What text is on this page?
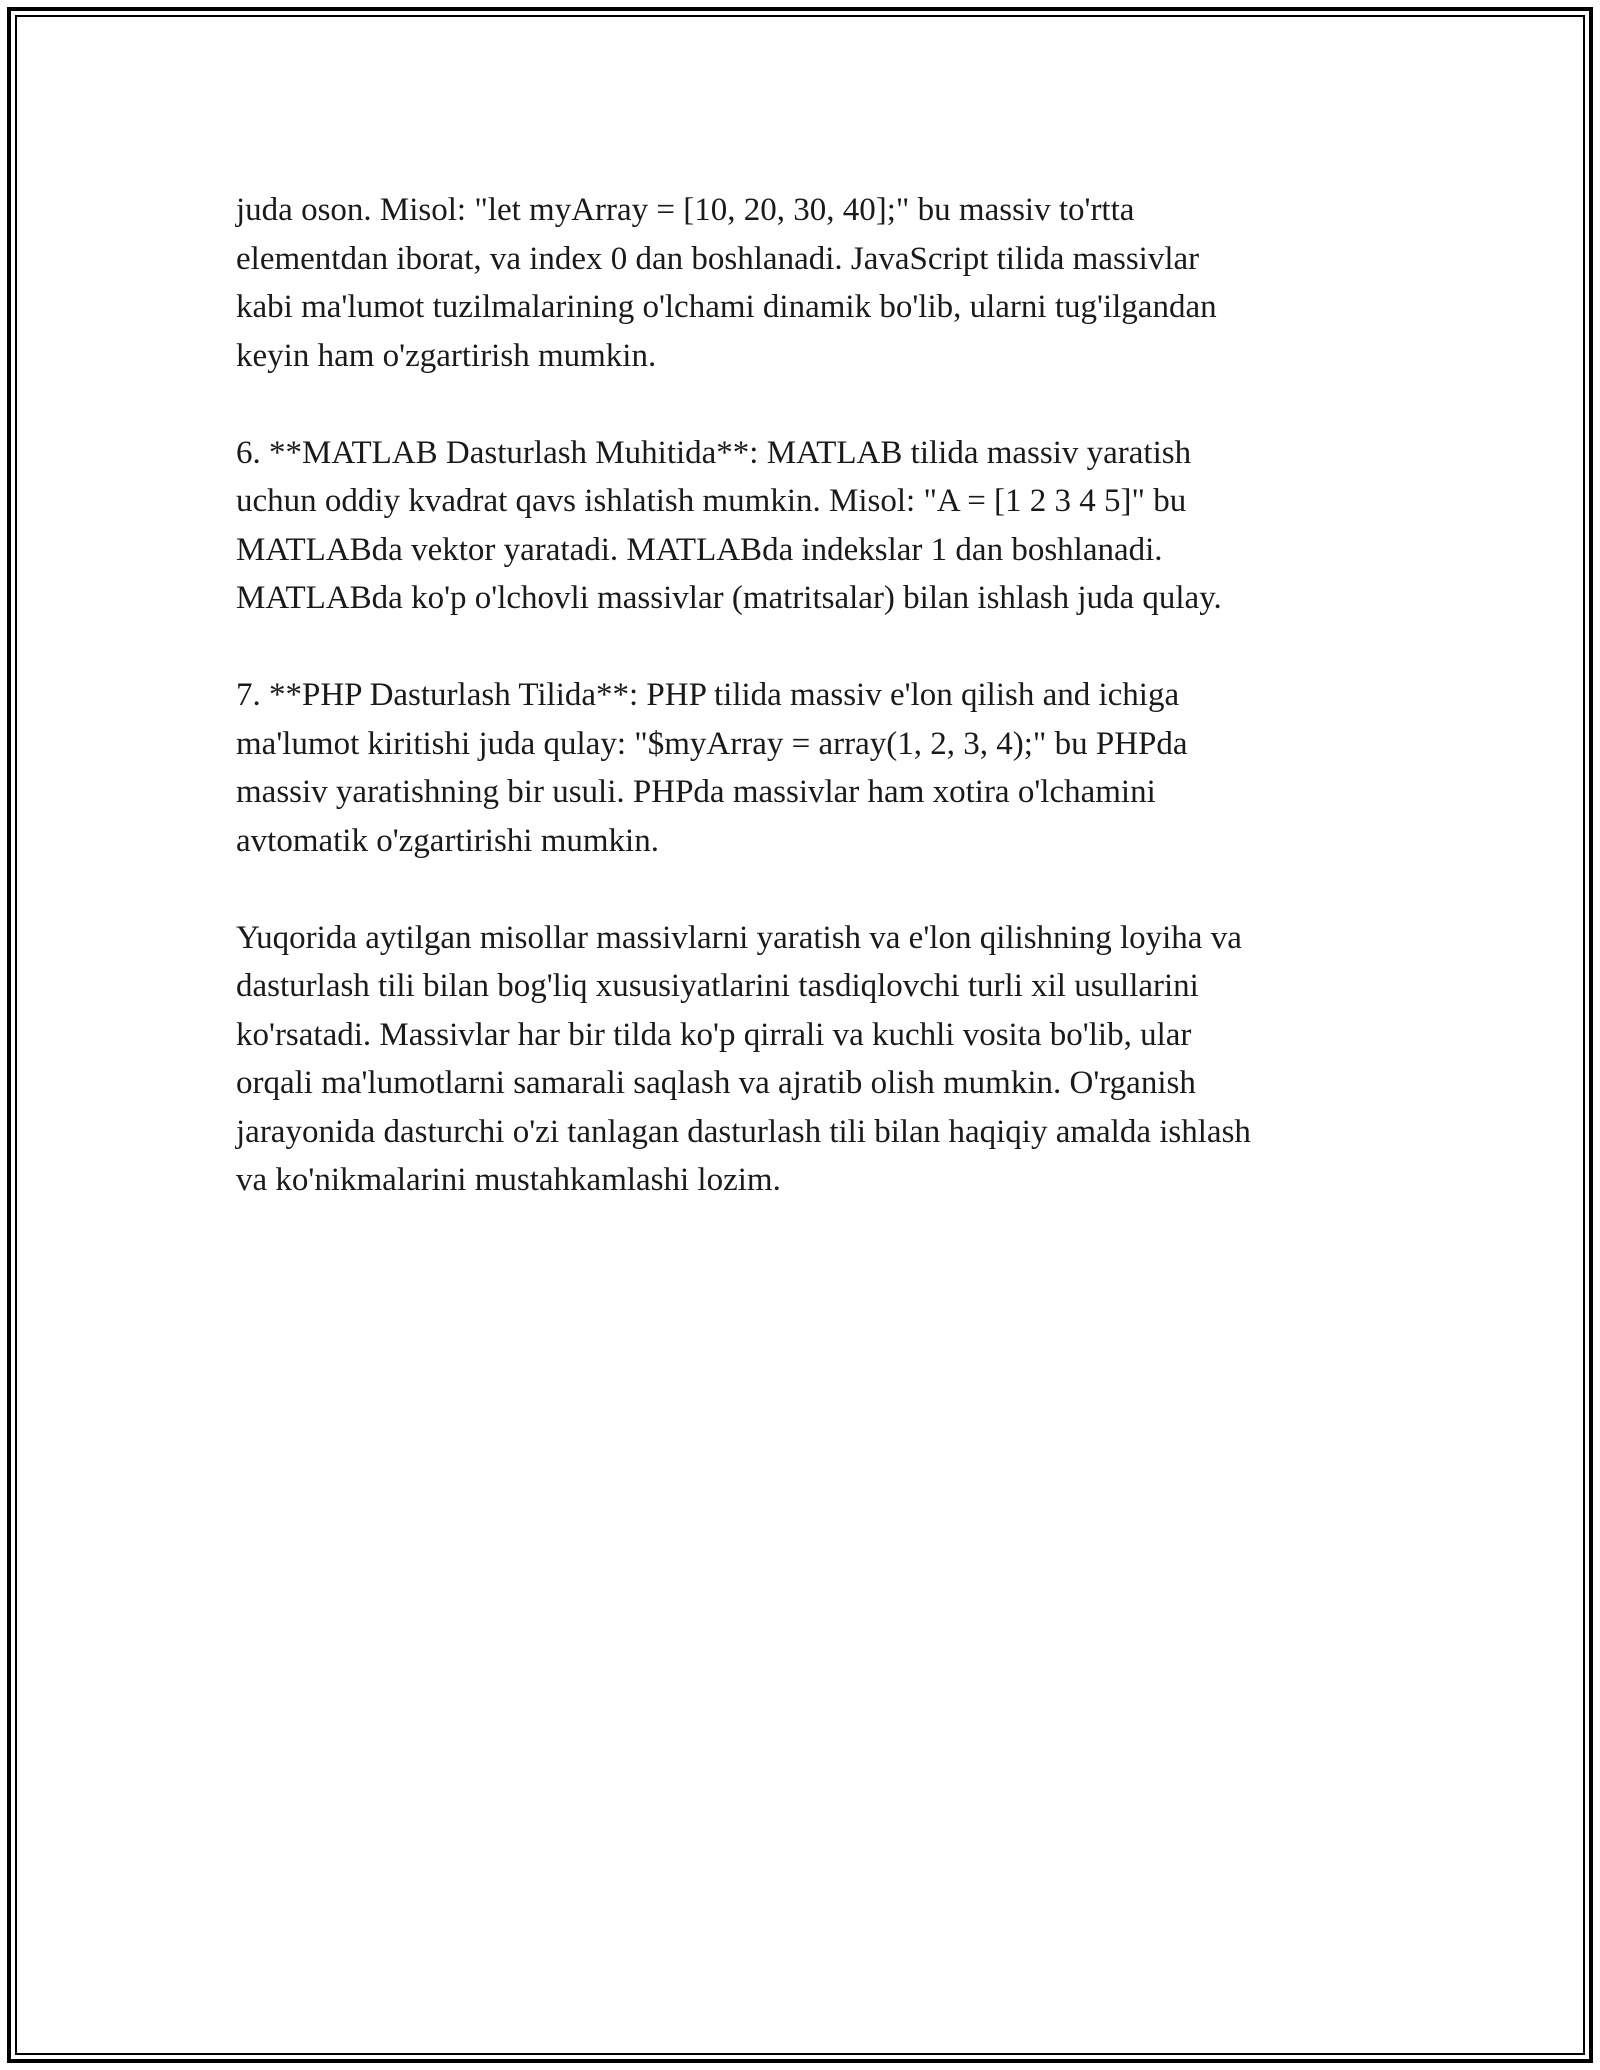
juda oson. Misol: "let myArray = [10, 20, 30, 40];" bu massiv to'rtta
elementdan iborat, va index 0 dan boshlanadi. JavaScript tilida massivlar
kabi ma'lumot tuzilmalarining o'lchami dinamik bo'lib, ularni tug'ilgandan
keyin ham o'zgartirish mumkin.

6. **MATLAB Dasturlash Muhitida**: MATLAB tilida massiv yaratish
uchun oddiy kvadrat qavs ishlatish mumkin. Misol: "A = [1 2 3 4 5]" bu
MATLABda vektor yaratadi. MATLABda indekslar 1 dan boshlanadi.
MATLABda ko'p o'lchovli massivlar (matritsalar) bilan ishlash juda qulay.

7. **PHP Dasturlash Tilida**: PHP tilida massiv e'lon qilish and ichiga
ma'lumot kiritishi juda qulay: "$myArray = array(1, 2, 3, 4);" bu PHPda
massiv yaratishning bir usuli. PHPda massivlar ham xotira o'lchamini
avtomatik o'zgartirishi mumkin.

Yuqorida aytilgan misollar massivlarni yaratish va e'lon qilishning loyiha va
dasturlash tili bilan bog'liq xususiyatlarini tasdiqlovchi turli xil usullarini
ko'rsatadi. Massivlar har bir tilda ko'p qirrali va kuchli vosita bo'lib, ular
orqali ma'lumotlarni samarali saqlash va ajratib olish mumkin. O'rganish
jarayonida dasturchi o'zi tanlagan dasturlash tili bilan haqiqiy amalda ishlash
va ko'nikmalarini mustahkamlashi lozim.
